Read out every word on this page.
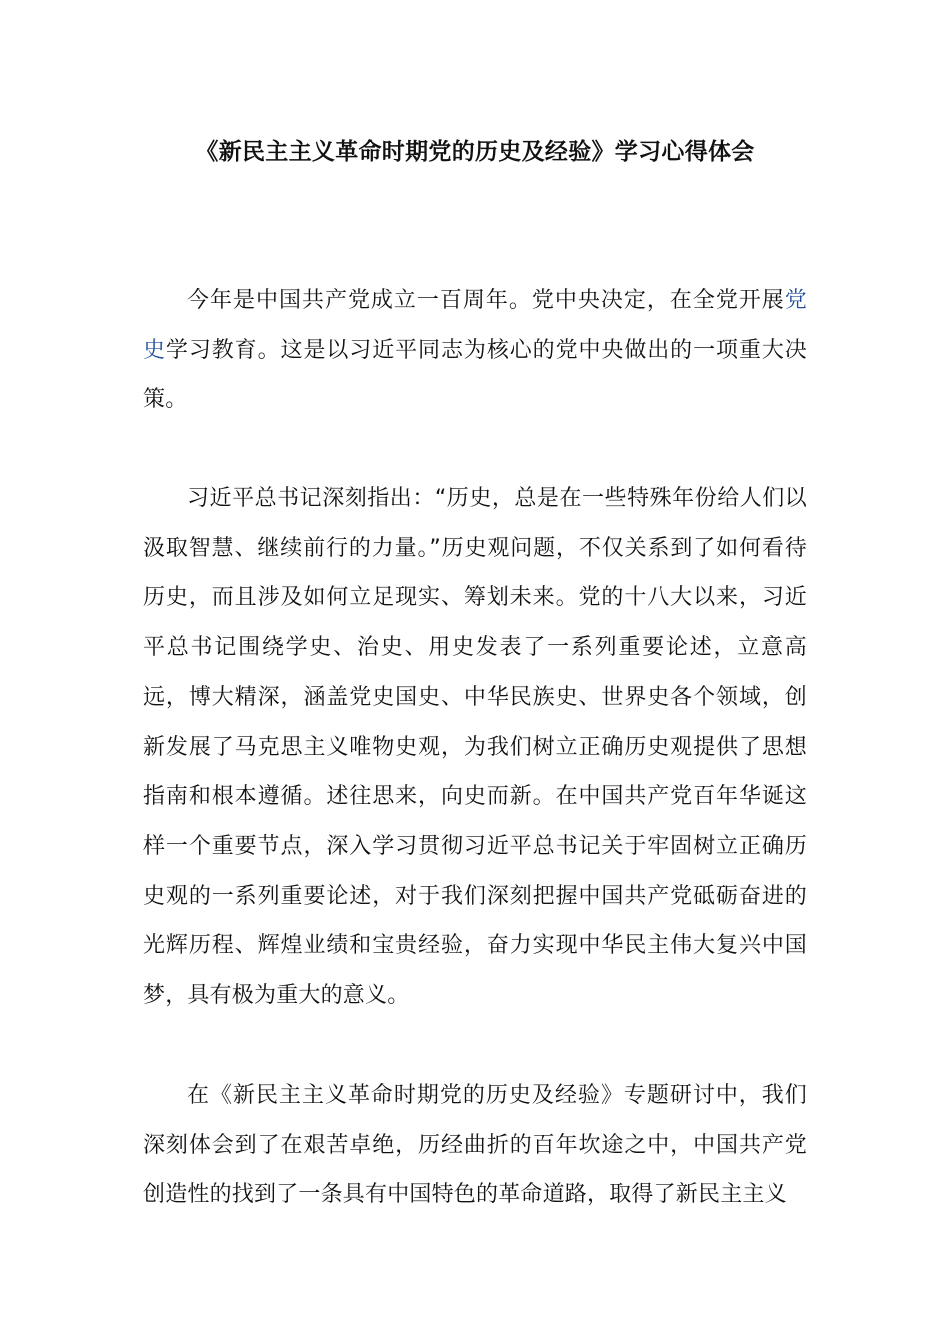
《新民主主义革命时期党的历史及经验》学习心得体会

今年是中国共产党成立一百周年。党中央决定，在全党开展党史学习教育。这是以习近平同志为核心的党中央做出的一项重大决策。

习近平总书记深刻指出：“历史，总是在一些特殊年份给人们以汲取智慧、继续前行的力量。”历史观问题，不仅关系到了如何看待历史，而且涉及如何立足现实、筹划未来。党的十八大以来，习近平总书记围绕学史、治史、用史发表了一系列重要论述，立意高远，博大精深，涵盖党史国史、中华民族史、世界史各个领域，创新发展了马克思主义唯物史观，为我们树立正确历史观提供了思想指南和根本遵循。述往思来，向史而新。在中国共产党百年华诞这样一个重要节点，深入学习贯彻习近平总书记关于牢固树立正确历史观的一系列重要论述，对于我们深刻把握中国共产党砥砺奋进的光辉历程、辉煌业绩和宝贵经验，奋力实现中华民主伟大复兴中国梦，具有极为重大的意义。

在《新民主主义革命时期党的历史及经验》专题研讨中，我们深刻体会到了在艰苦卓绝，历经曲折的百年坎途之中，中国共产党创造性的找到了一条具有中国特色的革命道路，取得了新民主主义
